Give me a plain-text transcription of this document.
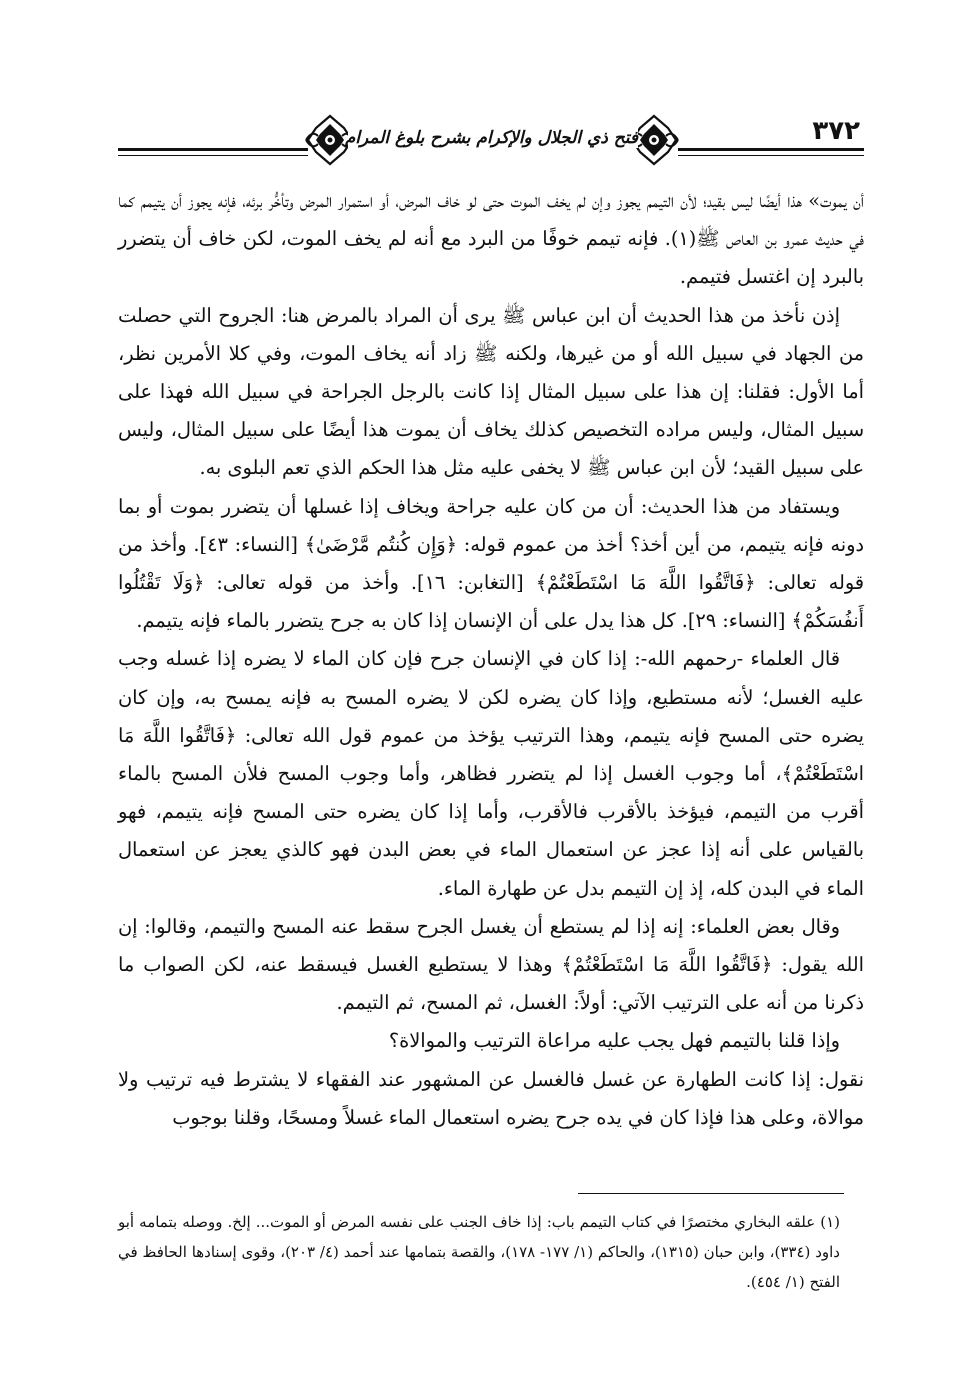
فتح ذي الجلال والإكرام بشرح بلوغ المرام	٣٧٢

أن يموت» هذا أيضًا ليس بقيد؛ لأن التيمم يجوز وإن لم يخف الموت حتى لو خاف المرض، أو استمرار المرض وتأخُّر برئه، فإنه يجوز أن يتيمم كما في حديث عمرو بن العاص ﷺ(١). فإنه تيمم خوفًا من البرد مع أنه لم يخف الموت، لكن خاف أن يتضرر بالبرد إن اغتسل فتيمم.

إذن نأخذ من هذا الحديث أن ابن عباس ﷺ يرى أن المراد بالمرض هنا: الجروح التي حصلت من الجهاد في سبيل الله أو من غيرها، ولكنه ﷺ زاد أنه يخاف الموت، وفي كلا الأمرين نظر، أما الأول: فقلنا: إن هذا على سبيل المثال إذا كانت بالرجل الجراحة في سبيل الله فهذا على سبيل المثال، وليس مراده التخصيص كذلك يخاف أن يموت هذا أيضًا على سبيل المثال، وليس على سبيل القيد؛ لأن ابن عباس ﷺ لا يخفى عليه مثل هذا الحكم الذي تعم البلوى به.

ويستفاد من هذا الحديث: أن من كان عليه جراحة ويخاف إذا غسلها أن يتضرر بموت أو بما دونه فإنه يتيمم، من أين أخذ؟ أخذ من عموم قوله: ﴿وَإِن كُنتُم مَّرْضَىٰ﴾ [النساء: ٤٣]. وأخذ من قوله تعالى: ﴿فَاتَّقُوا اللَّهَ مَا اسْتَطَعْتُمْ﴾ [التغابن: ١٦]. وأخذ من قوله تعالى: ﴿وَلَا تَقْتُلُوا أَنفُسَكُمْ﴾ [النساء: ٢٩]. كل هذا يدل على أن الإنسان إذا كان به جرح يتضرر بالماء فإنه يتيمم.

قال العلماء -رحمهم الله-: إذا كان في الإنسان جرح فإن كان الماء لا يضره إذا غسله وجب عليه الغسل؛ لأنه مستطيع، وإذا كان يضره لكن لا يضره المسح به فإنه يمسح به، وإن كان يضره حتى المسح فإنه يتيمم، وهذا الترتيب يؤخذ من عموم قول الله تعالى: ﴿فَاتَّقُوا اللَّهَ مَا اسْتَطَعْتُمْ﴾، أما وجوب الغسل إذا لم يتضرر فظاهر، وأما وجوب المسح فلأن المسح بالماء أقرب من التيمم، فيؤخذ بالأقرب فالأقرب، وأما إذا كان يضره حتى المسح فإنه يتيمم، فهو بالقياس على أنه إذا عجز عن استعمال الماء في بعض البدن فهو كالذي يعجز عن استعمال الماء في البدن كله، إذ إن التيمم بدل عن طهارة الماء.

وقال بعض العلماء: إنه إذا لم يستطع أن يغسل الجرح سقط عنه المسح والتيمم، وقالوا: إن الله يقول: ﴿فَاتَّقُوا اللَّهَ مَا اسْتَطَعْتُمْ﴾ وهذا لا يستطيع الغسل فيسقط عنه، لكن الصواب ما ذكرنا من أنه على الترتيب الآتي: أولاً: الغسل، ثم المسح، ثم التيمم.

وإذا قلنا بالتيمم فهل يجب عليه مراعاة الترتيب والموالاة؟

نقول: إذا كانت الطهارة عن غسل فالغسل عن المشهور عند الفقهاء لا يشترط فيه ترتيب ولا موالاة، وعلى هذا فإذا كان في يده جرح يضره استعمال الماء غسلاً ومسحًا، وقلنا بوجوب

(١) علقه البخاري مختصرًا في كتاب التيمم باب: إذا خاف الجنب على نفسه المرض أو الموت... إلخ. ووصله بتمامه أبو داود (٣٣٤)، وابن حبان (١٣١٥)، والحاكم (١/ ١٧٧- ١٧٨)، والقصة بتمامها عند أحمد (٤/ ٢٠٣)، وقوى إسنادها الحافظ في الفتح (١/ ٤٥٤).
